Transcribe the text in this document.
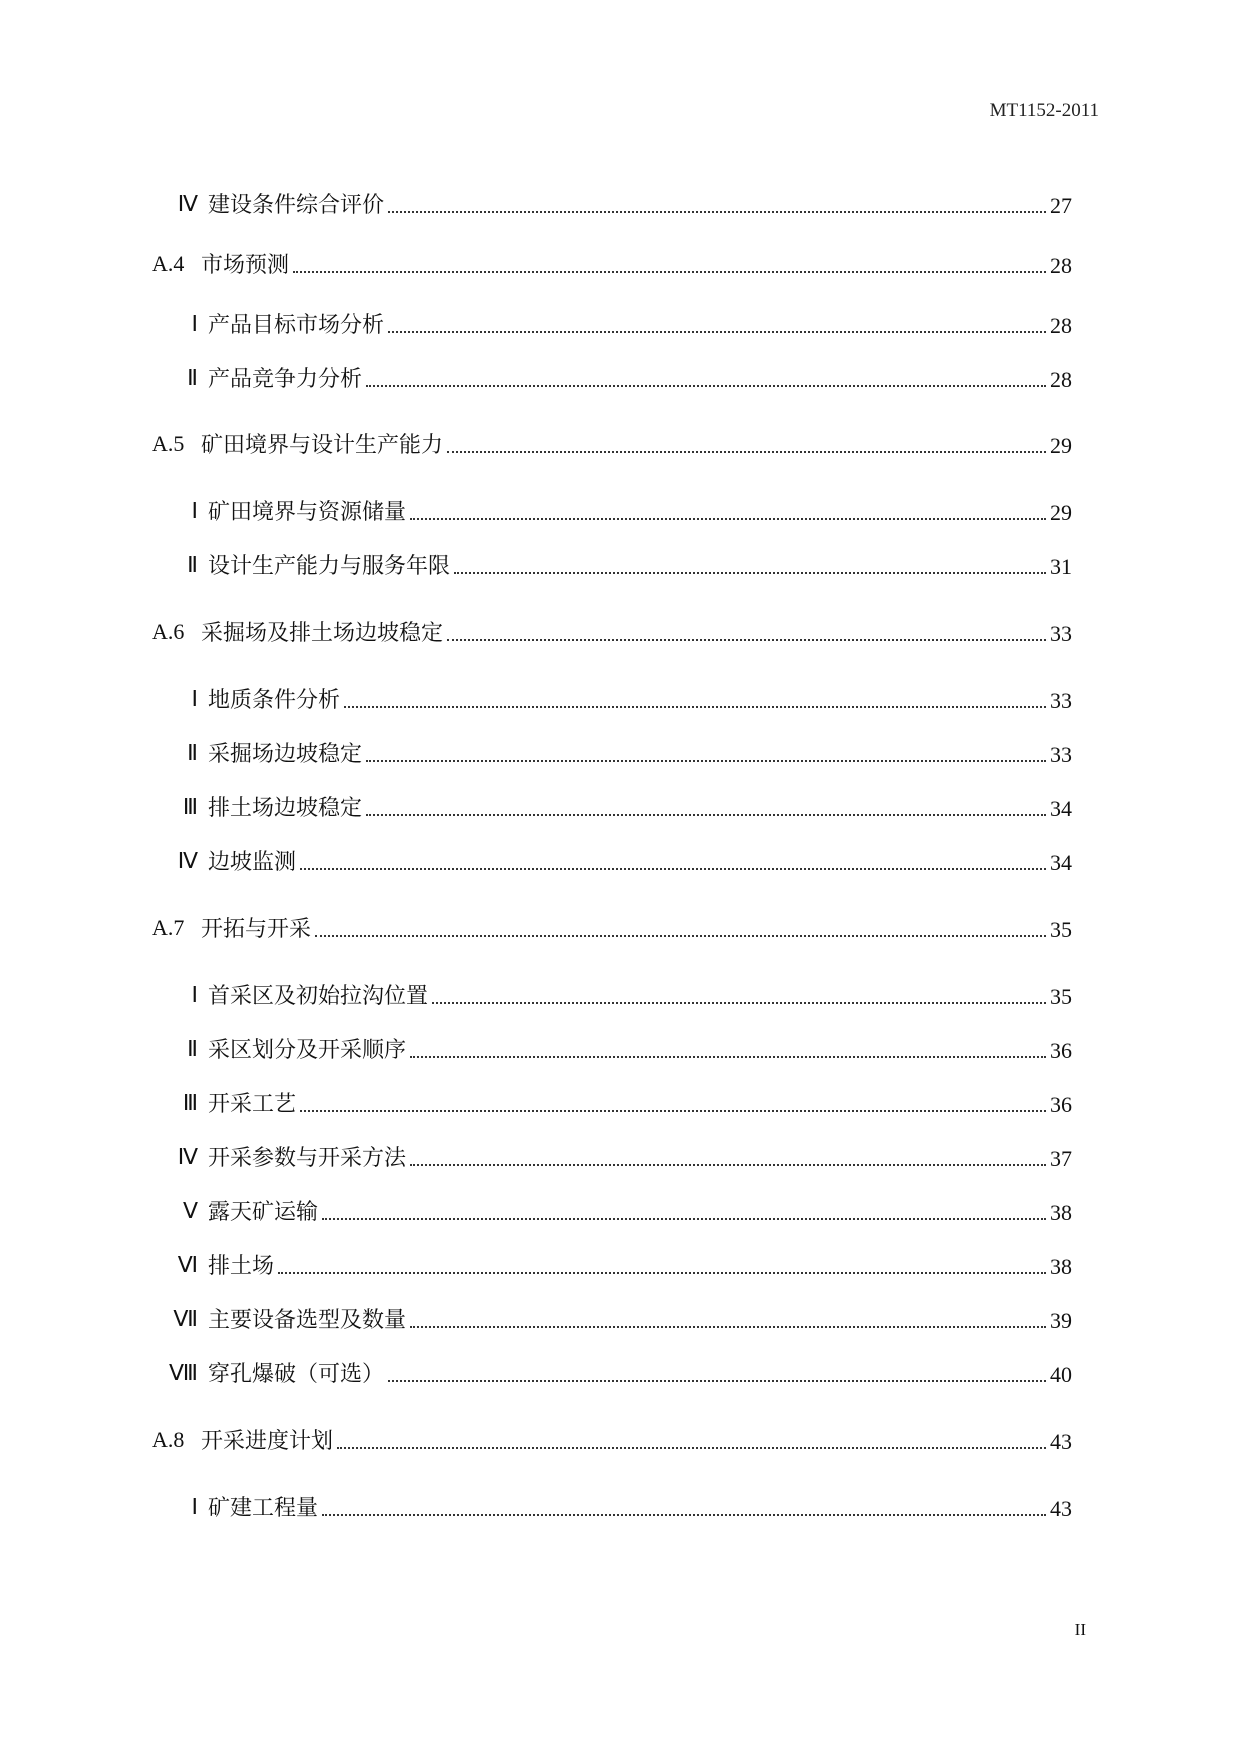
MT1152-2011
Ⅳ 建设条件综合评价	27
A.4 市场预测	28
Ⅰ 产品目标市场分析	28
Ⅱ 产品竞争力分析	28
A.5 矿田境界与设计生产能力	29
Ⅰ 矿田境界与资源储量	29
Ⅱ 设计生产能力与服务年限	31
A.6 采掘场及排土场边坡稳定	33
Ⅰ 地质条件分析	33
Ⅱ 采掘场边坡稳定	33
Ⅲ 排土场边坡稳定	34
Ⅳ 边坡监测	34
A.7 开拓与开采	35
Ⅰ 首采区及初始拉沟位置	35
Ⅱ 采区划分及开采顺序	36
Ⅲ 开采工艺	36
Ⅳ 开采参数与开采方法	37
Ⅴ 露天矿运输	38
Ⅵ 排土场	38
Ⅶ 主要设备选型及数量	39
Ⅷ 穿孔爆破（可选）	40
A.8 开采进度计划	43
Ⅰ 矿建工程量	43
II
